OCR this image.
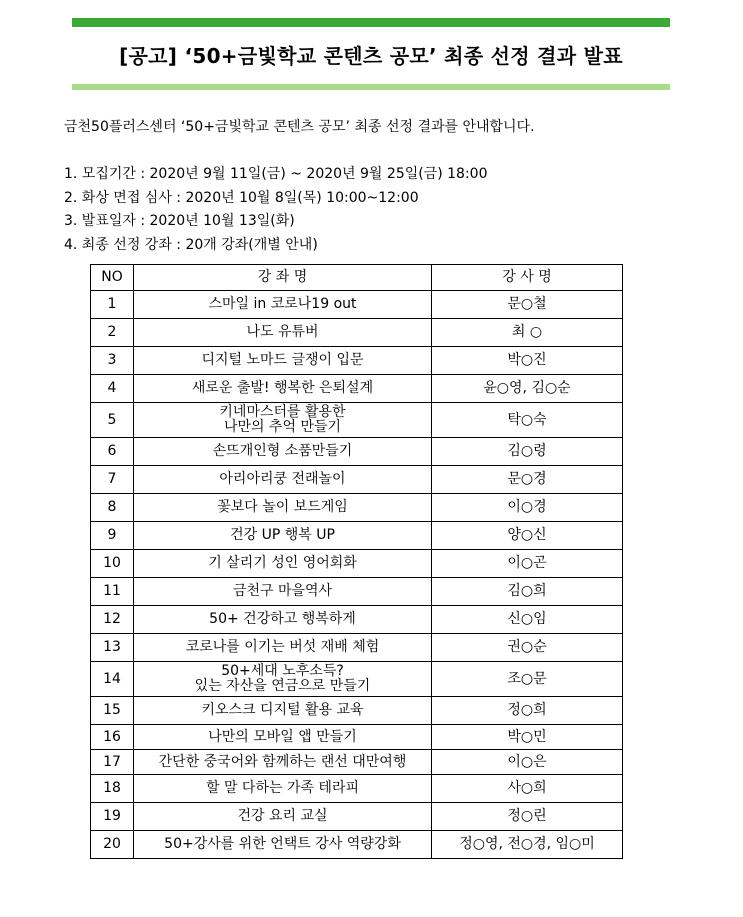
[공고] ‘50+금빛학교 콘텐츠 공모’ 최종 선정 결과 발표
금천50플러스센터 ‘50+금빛학교 콘텐츠 공모’ 최종 선정 결과를 안내합니다.
1. 모집기간 : 2020년 9월 11일(금) ~ 2020년 9월 25일(금) 18:00
2. 화상 면접 심사 : 2020년 10월 8일(목) 10:00~12:00
3. 발표일자 : 2020년 10월 13일(화)
4. 최종 선정 강좌 : 20개 강좌(개별 안내)
NO	강 좌 명	강 사 명
1	스마일 in 코로나19 out	문○철
2	나도 유튜버	최 ○
3	디지털 노마드 글쟁이 입문	박○진
4	새로운 출발! 행복한 은퇴설계	윤○영, 김○순
5	키네마스터를 활용한
나만의 추억 만들기	탁○숙
6	손뜨개인형 소품만들기	김○령
7	아리아리쿵 전래놀이	문○경
8	꽃보다 놀이 보드게임	이○경
9	건강 UP 행복 UP	양○신
10	기 살리기 성인 영어회화	이○곤
11	금천구 마을역사	김○희
12	50+ 건강하고 행복하게	신○임
13	코로나를 이기는 버섯 재배 체험	권○순
14	50+세대 노후소득?
있는 자산을 연금으로 만들기	조○문
15	키오스크 디지털 활용 교육	정○희
16	나만의 모바일 앱 만들기	박○민
17	간단한 중국어와 함께하는 랜선 대만여행	이○은
18	할 말 다하는 가족 테라피	사○희
19	건강 요리 교실	정○린
20	50+강사를 위한 언택트 강사 역량강화	정○영, 전○경, 임○미
